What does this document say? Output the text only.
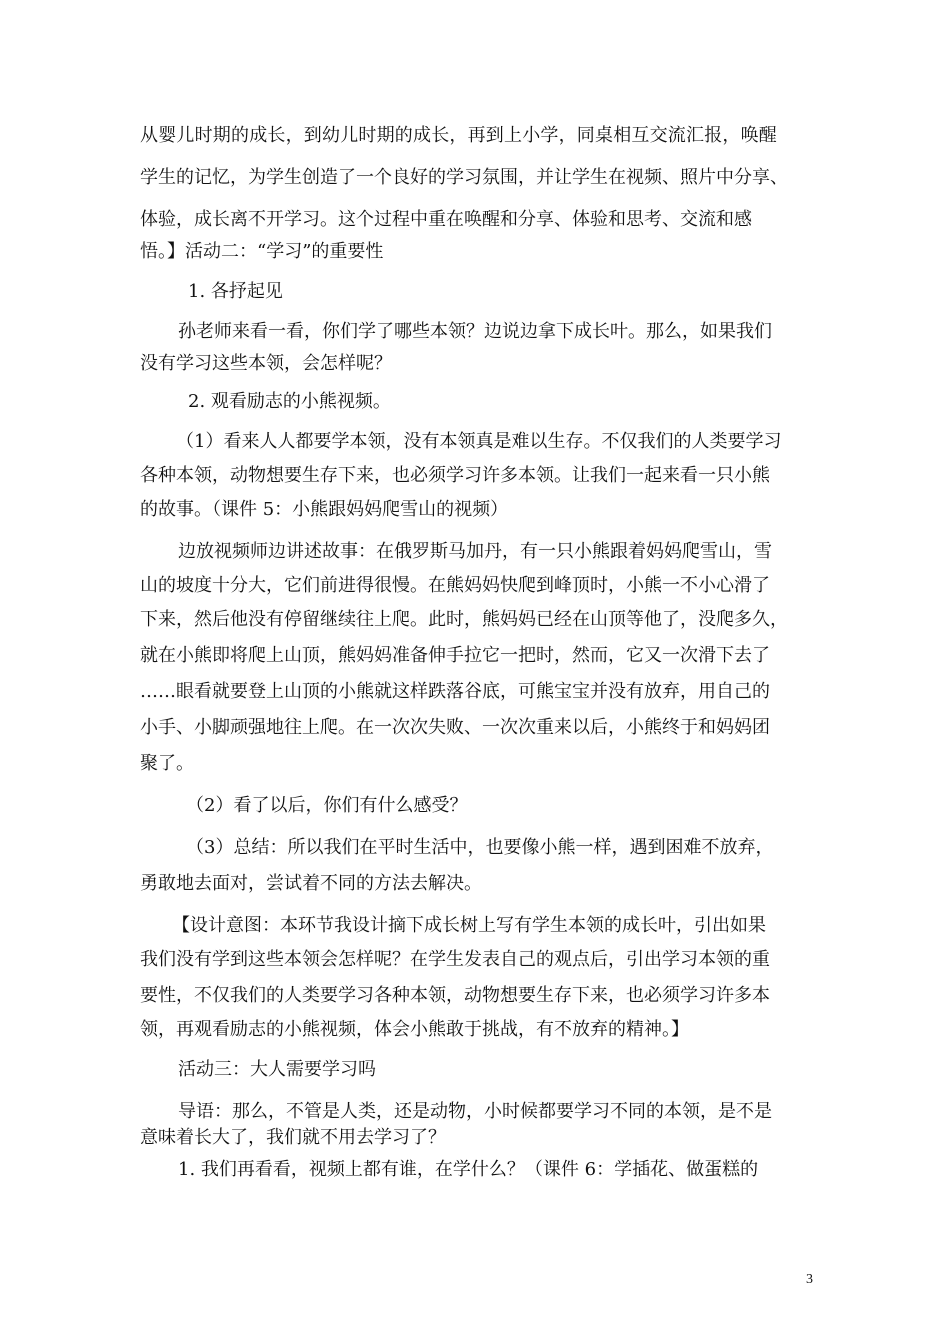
从婴儿时期的成长，到幼儿时期的成长，再到上小学，同桌相互交流汇报，唤醒
学生的记忆，为学生创造了一个良好的学习氛围，并让学生在视频、照片中分享、
体验，成长离不开学习。这个过程中重在唤醒和分享、体验和思考、交流和感
悟。】活动二：“学习”的重要性
1. 各抒起见
孙老师来看一看，你们学了哪些本领？边说边拿下成长叶。那么，如果我们
没有学习这些本领，会怎样呢？
2. 观看励志的小熊视频。
（1）看来人人都要学本领，没有本领真是难以生存。不仅我们的人类要学习
各种本领，动物想要生存下来，也必须学习许多本领。让我们一起来看一只小熊
的故事。（课件 5：小熊跟妈妈爬雪山的视频）
边放视频师边讲述故事：在俄罗斯马加丹，有一只小熊跟着妈妈爬雪山，雪
山的坡度十分大，它们前进得很慢。在熊妈妈快爬到峰顶时，小熊一不小心滑了
下来，然后他没有停留继续往上爬。此时，熊妈妈已经在山顶等他了，没爬多久，
就在小熊即将爬上山顶，熊妈妈准备伸手拉它一把时，然而，它又一次滑下去了
……眼看就要登上山顶的小熊就这样跌落谷底，可熊宝宝并没有放弃，用自己的
小手、小脚顽强地往上爬。在一次次失败、一次次重来以后，小熊终于和妈妈团
聚了。
（2）看了以后，你们有什么感受？
（3）总结：所以我们在平时生活中，也要像小熊一样，遇到困难不放弃，
勇敢地去面对，尝试着不同的方法去解决。
【设计意图：本环节我设计摘下成长树上写有学生本领的成长叶，引出如果
我们没有学到这些本领会怎样呢？在学生发表自己的观点后，引出学习本领的重
要性，不仅我们的人类要学习各种本领，动物想要生存下来，也必须学习许多本
领，再观看励志的小熊视频，体会小熊敢于挑战，有不放弃的精神。】
活动三：大人需要学习吗
导语：那么，不管是人类，还是动物，小时候都要学习不同的本领，是不是
意味着长大了，我们就不用去学习了？
1. 我们再看看，视频上都有谁，在学什么？（课件 6：学插花、做蛋糕的
3
